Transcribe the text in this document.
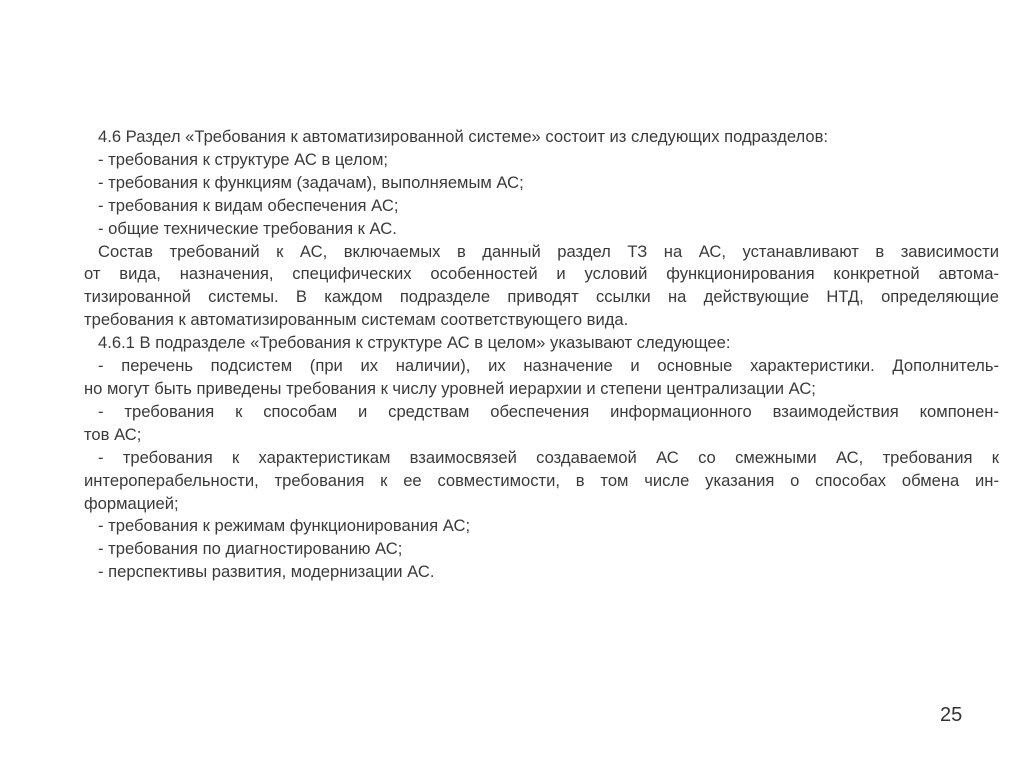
4.6 Раздел «Требования к автоматизированной системе» состоит из следующих подразделов:
- требования к структуре АС в целом;
- требования к функциям (задачам), выполняемым АС;
- требования к видам обеспечения АС;
- общие технические требования к АС.
Состав требований к АС, включаемых в данный раздел ТЗ на АС, устанавливают в зависимости
от вида, назначения, специфических особенностей и условий функционирования конкретной автома-
тизированной системы. В каждом подразделе приводят ссылки на действующие НТД, определяющие
требования к автоматизированным системам соответствующего вида.
4.6.1 В подразделе «Требования к структуре АС в целом» указывают следующее:
- перечень подсистем (при их наличии), их назначение и основные характеристики. Дополнитель-
но могут быть приведены требования к числу уровней иерархии и степени централизации АС;
- требования к способам и средствам обеспечения информационного взаимодействия компонен-
тов АС;
- требования к характеристикам взаимосвязей создаваемой АС со смежными АС, требования к
интероперабельности, требования к ее совместимости, в том числе указания о способах обмена ин-
формацией;
- требования к режимам функционирования АС;
- требования по диагностированию АС;
- перспективы развития, модернизации АС.
25
